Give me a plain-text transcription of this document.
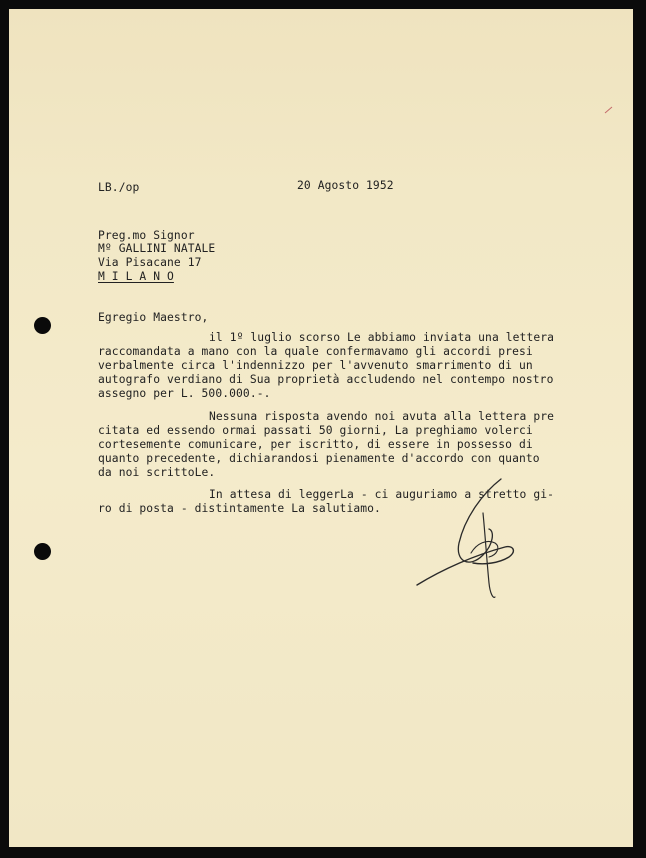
LB./op	20 Agosto 1952

Preg.mo Signor

Mº GALLINI NATALE

Via Pisacane 17

M I L A N O

Egregio Maestro,

il 1º luglio scorso Le abbiamo inviata una lettera

raccomandata a mano con la quale confermavamo gli accordi presi

verbalmente circa l'indennizzo per l'avvenuto smarrimento di un

autografo verdiano di Sua proprietà accludendo nel contempo nostro

assegno per L. 500.000.-.

Nessuna risposta avendo noi avuta alla lettera pre

citata ed essendo ormai passati 50 giorni, La preghiamo volerci

cortesemente comunicare, per iscritto, di essere in possesso di

quanto precedente, dichiarandosi pienamente d'accordo con quanto

da noi scrittoLe.

In attesa di leggerLa - ci auguriamo a stretto gi-

ro di posta - distintamente La salutiamo.
